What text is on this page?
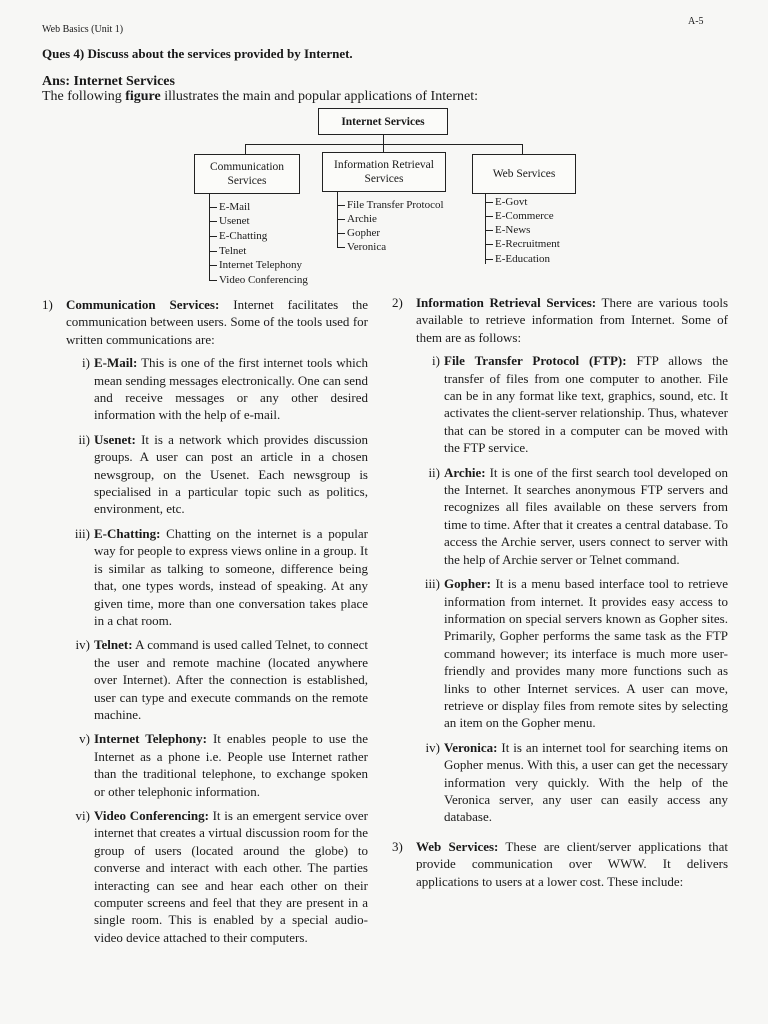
Web Basics (Unit 1)
A-5
Ques 4) Discuss about the services provided by Internet.
Ans: Internet Services
The following figure illustrates the main and popular applications of Internet:
Internet Services
Communication Services
Information Retrieval Services	Web Services
E-Mail
Usenet
E-Chatting
Telnet
Internet Telephony
Video Conferencing
File Transfer Protocol
Archie
Gopher
Veronica
E-Govt
E-Commerce
E-News
E-Recruitment
E-Education
1) Communication Services: Internet facilitates the communication between users. Some of the tools used for written communications are:
i) E-Mail: This is one of the first internet tools which mean sending messages electronically. One can send and receive messages or any other desired information with the help of e-mail.
ii) Usenet: It is a network which provides discussion groups. A user can post an article in a chosen newsgroup, on the Usenet. Each newsgroup is specialised in a particular topic such as politics, environment, etc.
iii) E-Chatting: Chatting on the internet is a popular way for people to express views online in a group. It is similar as talking to someone, difference being that, one types words, instead of speaking. At any given time, more than one conversation takes place in a chat room.
iv) Telnet: A command is used called Telnet, to connect the user and remote machine (located anywhere over Internet). After the connection is established, user can type and execute commands on the remote machine.
v) Internet Telephony: It enables people to use the Internet as a phone i.e. People use Internet rather than the traditional telephone, to exchange spoken or other telephonic information.
vi) Video Conferencing: It is an emergent service over internet that creates a virtual discussion room for the group of users (located around the globe) to converse and interact with each other. The parties interacting can see and hear each other on their computer screens and feel that they are present in a single room. This is enabled by a special audio-video device attached to their computers.
2) Information Retrieval Services: There are various tools available to retrieve information from Internet. Some of them are as follows:
i) File Transfer Protocol (FTP): FTP allows the transfer of files from one computer to another. File can be in any format like text, graphics, sound, etc. It activates the client-server relationship. Thus, whatever that can be stored in a computer can be moved with the FTP service.
ii) Archie: It is one of the first search tool developed on the Internet. It searches anonymous FTP servers and recognizes all files available on these servers from time to time. After that it creates a central database. To access the Archie server, users connect to server with the help of Archie server or Telnet command.
iii) Gopher: It is a menu based interface tool to retrieve information from internet. It provides easy access to information on special servers known as Gopher sites. Primarily, Gopher performs the same task as the FTP command however; its interface is much more user-friendly and provides many more functions such as links to other Internet services. A user can move, retrieve or display files from remote sites by selecting an item on the Gopher menu.
iv) Veronica: It is an internet tool for searching items on Gopher menus. With this, a user can get the necessary information very quickly. With the help of the Veronica server, any user can easily access any database.
3) Web Services: These are client/server applications that provide communication over WWW. It delivers applications to users at a lower cost. These include:
